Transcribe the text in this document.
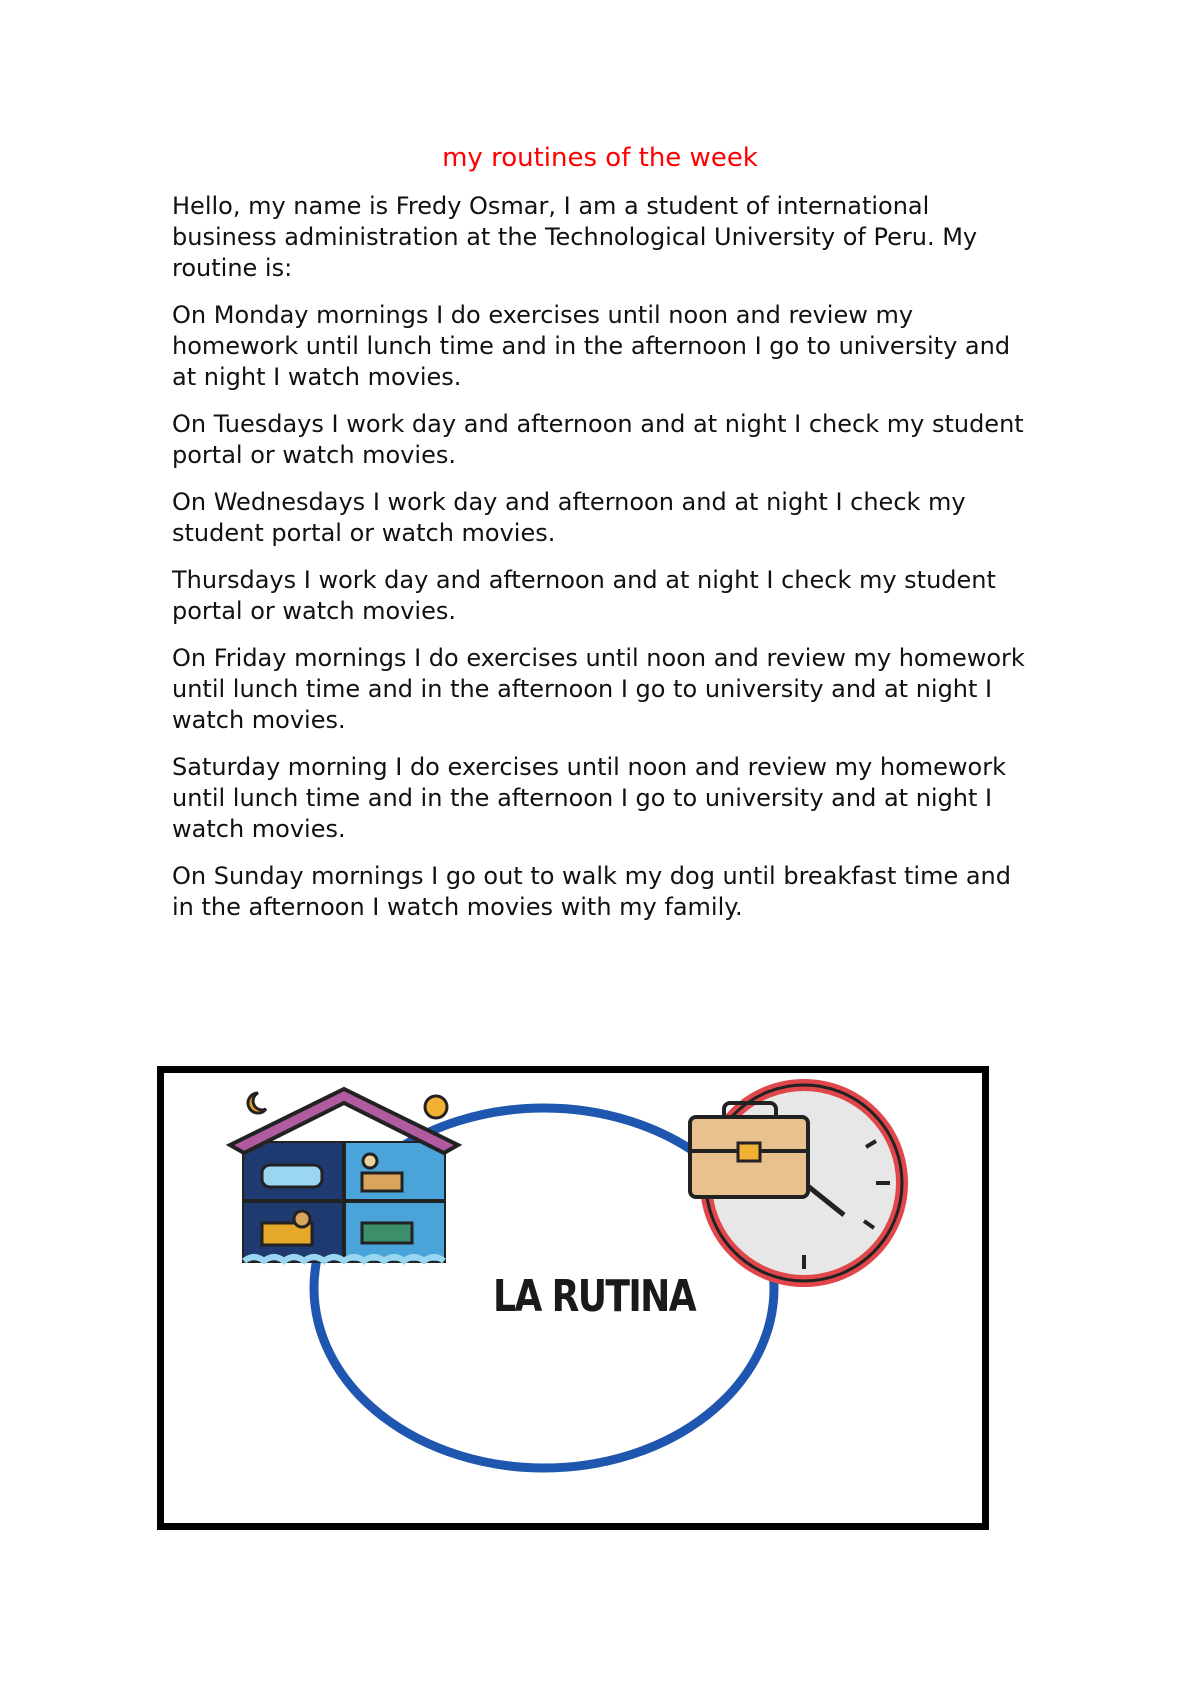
my routines of the week

Hello, my name is Fredy Osmar, I am a student of international business administration at the Technological University of Peru. My routine is:

On Monday mornings I do exercises until noon and review my homework until lunch time and in the afternoon I go to university and at night I watch movies.

On Tuesdays I work day and afternoon and at night I check my student portal or watch movies.

On Wednesdays I work day and afternoon and at night I check my student portal or watch movies.

Thursdays I work day and afternoon and at night I check my student portal or watch movies.

On Friday mornings I do exercises until noon and review my homework until lunch time and in the afternoon I go to university and at night I watch movies.

Saturday morning I do exercises until noon and review my homework until lunch time and in the afternoon I go to university and at night I watch movies.

On Sunday mornings I go out to walk my dog until breakfast time and in the afternoon I watch movies with my family.

LA RUTINA
